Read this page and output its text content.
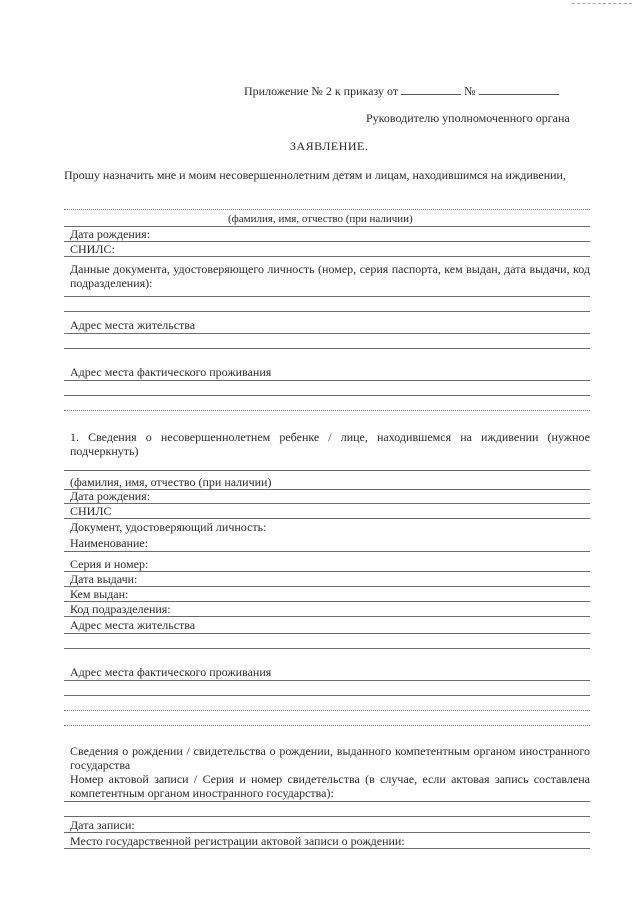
Приложение № 2 к приказу от	№
Руководителю уполномоченного органа
ЗАЯВЛЕНИЕ.
Прошу назначить мне и моим несовершеннолетним детям и лицам, находившимся на иждивении,
(фамилия, имя, отчество (при наличии)
Дата рождения:
СНИЛС:
Данные документа, удостоверяющего личность (номер, серия паспорта, кем выдан, дата выдачи, код подразделения):
Адрес места жительства
Адрес места фактического проживания
1. Сведения о несовершеннолетнем ребенке / лице, находившемся на иждивении (нужное подчеркнуть)
(фамилия, имя, отчество (при наличии)
Дата рождения:
СНИЛС
Документ, удостоверяющий личность:
Наименование:
Серия и номер:
Дата выдачи:
Кем выдан:
Код подразделения:
Адрес места жительства
Адрес места фактического проживания
Сведения о рождении / свидетельства о рождении, выданного компетентным органом иностранного государства
Номер актовой записи / Серия и номер свидетельства (в случае, если актовая запись составлена компетентным органом иностранного государства):
Дата записи:
Место государственной регистрации актовой записи о рождении:
